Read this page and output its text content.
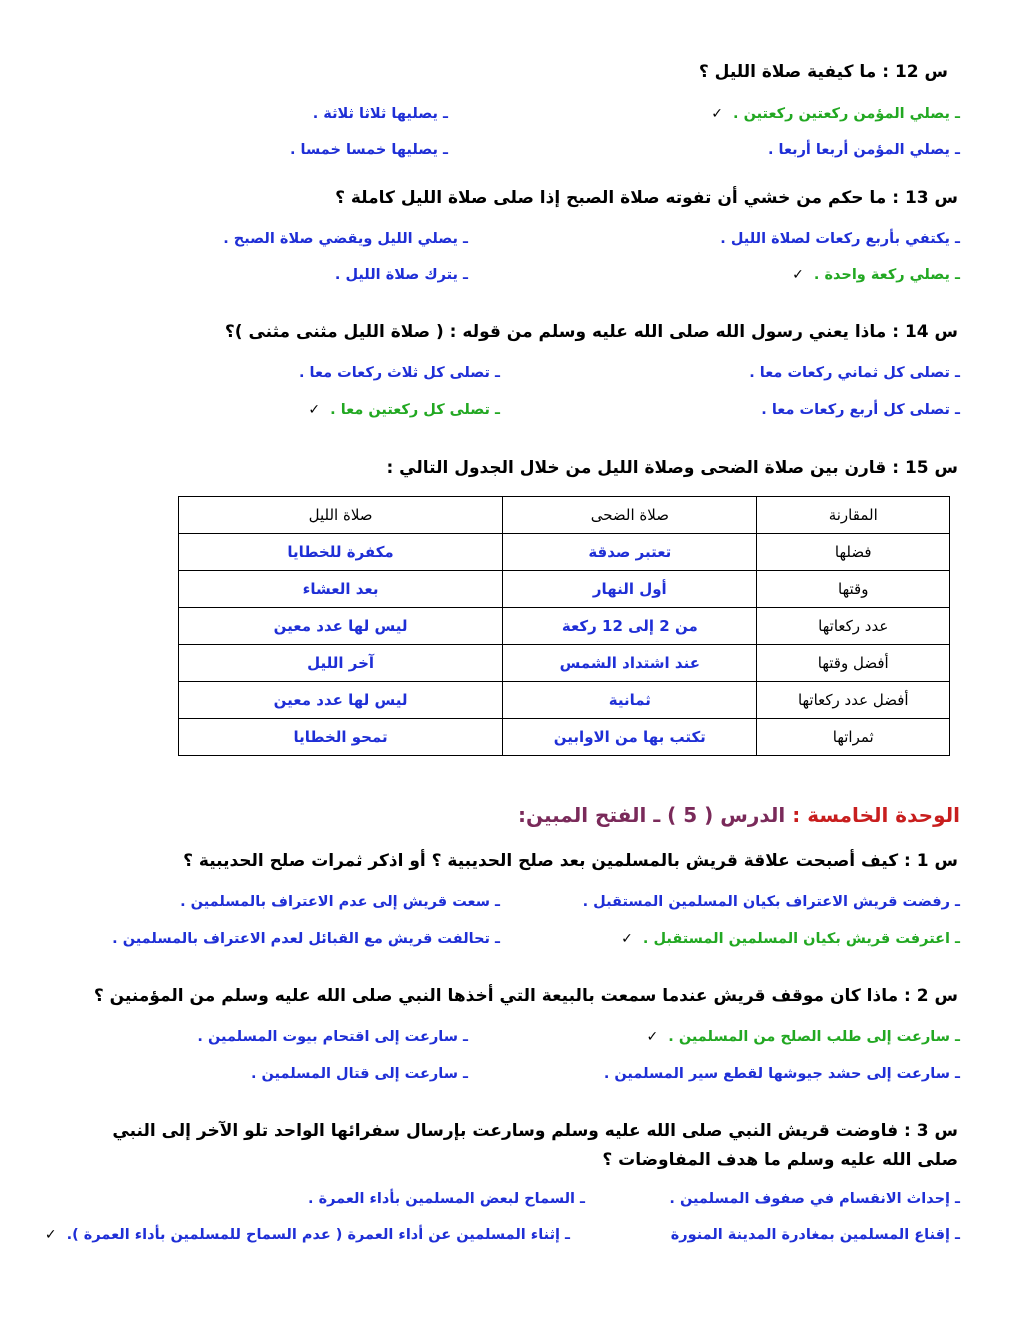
س 12 : ما كيفية صلاة الليل ؟
ـ يصلي المؤمن ركعتين ركعتين .✓
ـ يصليها ثلاثا ثلاثة .
ـ يصلي المؤمن أربعا أربعا .
ـ يصليها خمسا خمسا .
س 13 : ما حكم من خشي أن تفوته صلاة الصبح إذا صلى صلاة الليل كاملة ؟
ـ يكتفي بأربع ركعات لصلاة الليل .
ـ يصلي الليل ويقضي صلاة الصبح .
ـ يصلي ركعة واحدة .✓
ـ يترك صلاة الليل .
س 14 : ماذا يعني رسول الله صلى الله عليه وسلم من قوله : ( صلاة الليل مثنى مثنى )؟
ـ تصلى كل ثماني ركعات معا .
ـ تصلى كل ثلاث ركعات معا .
ـ تصلى كل أربع ركعات معا .
ـ تصلى كل ركعتين معا .✓
س 15 : قارن بين صلاة الضحى وصلاة الليل من خلال الجدول التالي :
المقارنة	صلاة الضحى	صلاة الليل
فضلها	تعتبر صدقة	مكفرة للخطايا
وقتها	أول النهار	بعد العشاء
عدد ركعاتها	من 2 إلى 12 ركعة	ليس لها عدد معين
أفضل وقتها	عند اشتداد الشمس	آخر الليل
أفضل عدد ركعاتها	ثمانية	ليس لها عدد معين
ثمراتها	تكتب بها من الاوابين	تمحو الخطايا
الوحدة الخامسة : الدرس ( 5 ) ـ الفتح المبين:
س 1 : كيف أصبحت علاقة قريش بالمسلمين بعد صلح الحديبية ؟ أو اذكر ثمرات صلح الحديبية ؟
ـ رفضت قريش الاعتراف بكيان المسلمين المستقبل .
ـ سعت قريش إلى عدم الاعتراف بالمسلمين .
ـ اعترفت قريش بكيان المسلمين المستقبل .✓
ـ تحالفت قريش مع القبائل لعدم الاعتراف بالمسلمين .
س 2 : ماذا كان موقف قريش عندما سمعت بالبيعة التي أخذها النبي صلى الله عليه وسلم من المؤمنين ؟
ـ سارعت إلى طلب الصلح من المسلمين .✓
ـ سارعت إلى اقتحام بيوت المسلمين .
ـ سارعت إلى حشد جيوشها لقطع سير المسلمين .
ـ سارعت إلى قتال المسلمين .
س 3 : فاوضت قريش النبي صلى الله عليه وسلم وسارعت بإرسال سفرائها الواحد تلو الآخر إلى النبي صلى الله عليه وسلم ما هدف المفاوضات ؟
ـ إحداث الانقسام في صفوف المسلمين .
ـ السماح لبعض المسلمين بأداء العمرة .
ـ إقناع المسلمين بمغادرة المدينة المنورة
ـ إثناء المسلمين عن أداء العمرة ( عدم السماح للمسلمين بأداء العمرة ).✓
